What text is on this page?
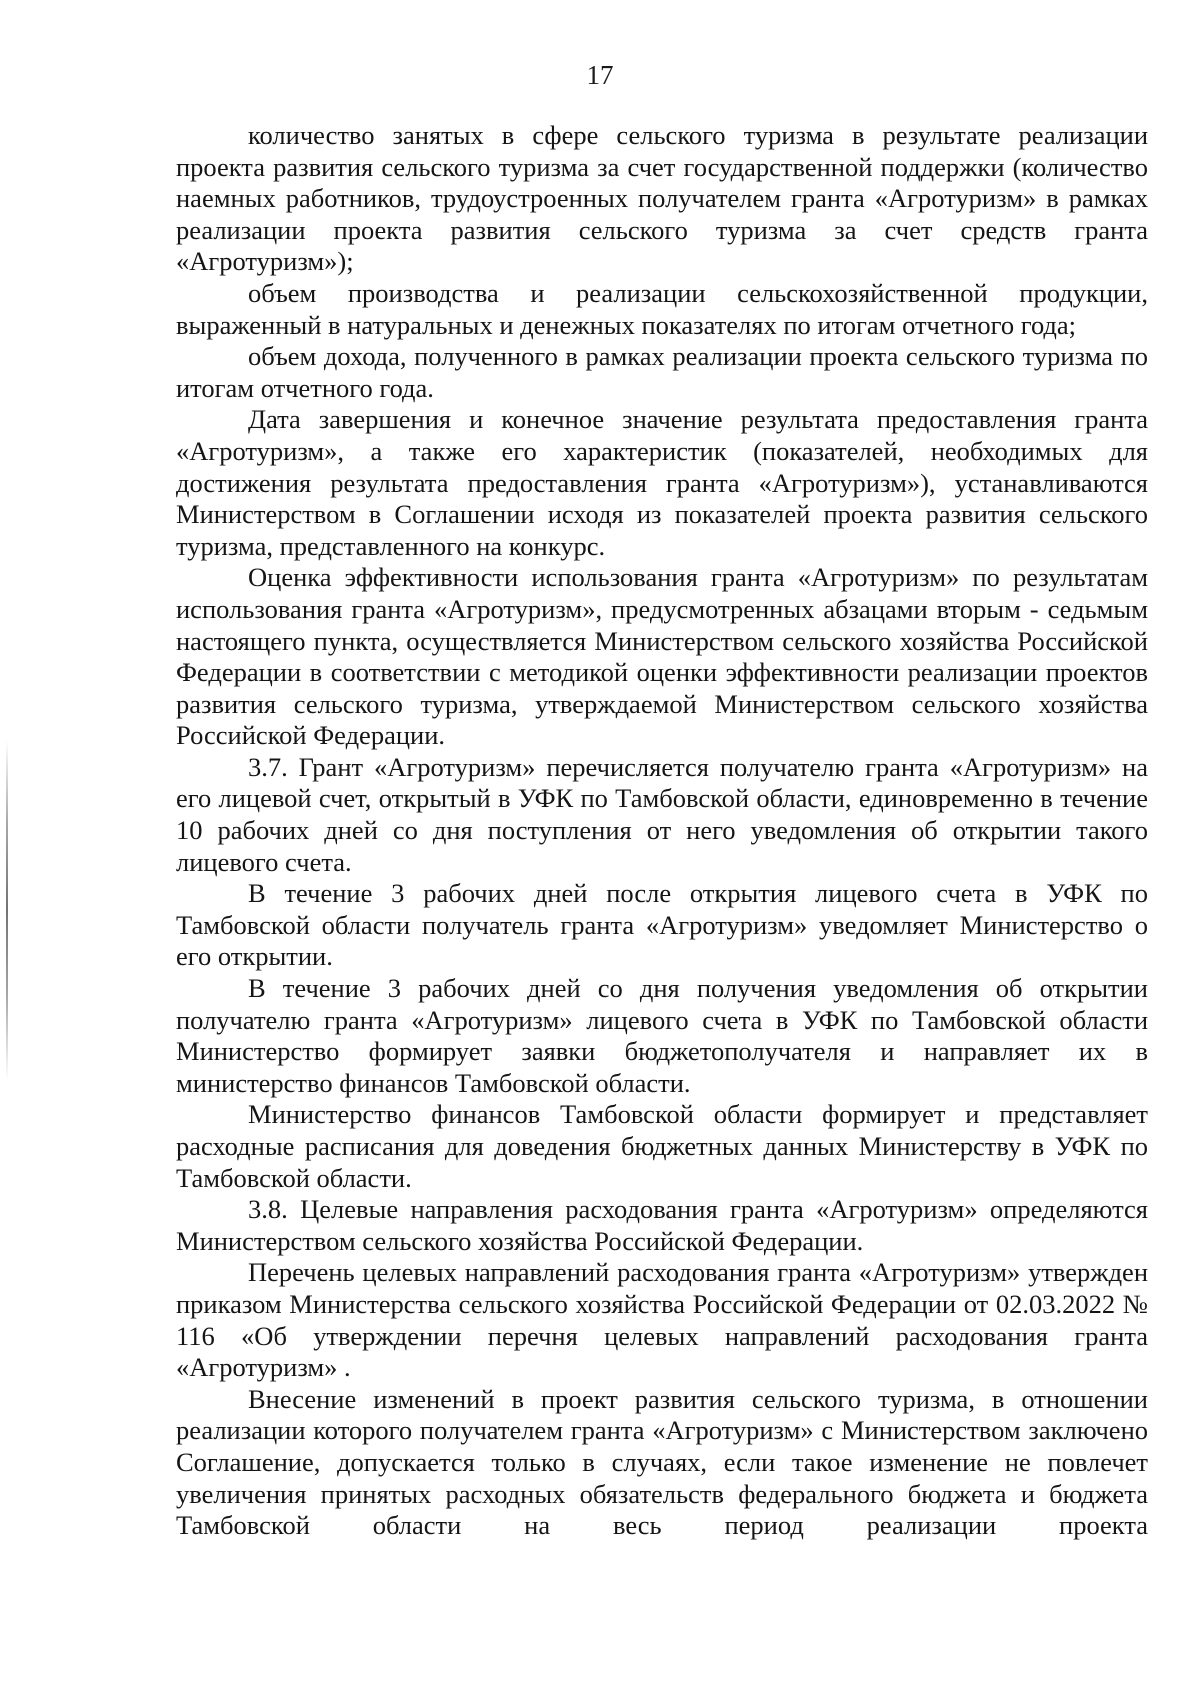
17

количество занятых в сфере сельского туризма в результате реализации проекта развития сельского туризма за счет государственной поддержки (количество наемных работников, трудоустроенных получателем гранта «Агротуризм» в рамках реализации проекта развития сельского туризма за счет средств гранта «Агротуризм»);

объем производства и реализации сельскохозяйственной продукции, выраженный в натуральных и денежных показателях по итогам отчетного года;

объем дохода, полученного в рамках реализации проекта сельского туризма по итогам отчетного года.

Дата завершения и конечное значение результата предоставления гранта «Агротуризм», а также его характеристик (показателей, необходимых для достижения результата предоставления гранта «Агротуризм»), устанавливаются Министерством в Соглашении исходя из показателей проекта развития сельского туризма, представленного на конкурс.

Оценка эффективности использования гранта «Агротуризм» по результатам использования гранта «Агротуризм», предусмотренных абзацами вторым - седьмым настоящего пункта, осуществляется Министерством сельского хозяйства Российской Федерации в соответствии с методикой оценки эффективности реализации проектов развития сельского туризма, утверждаемой Министерством сельского хозяйства Российской Федерации.

3.7. Грант «Агротуризм» перечисляется получателю гранта «Агротуризм» на его лицевой счет, открытый в УФК по Тамбовской области, единовременно в течение 10 рабочих дней со дня поступления от него уведомления об открытии такого лицевого счета.

В течение 3 рабочих дней после открытия лицевого счета в УФК по Тамбовской области получатель гранта «Агротуризм» уведомляет Министерство о его открытии.

В течение 3 рабочих дней со дня получения уведомления об открытии получателю гранта «Агротуризм» лицевого счета в УФК по Тамбовской области Министерство формирует заявки бюджетополучателя и направляет их в министерство финансов Тамбовской области.

Министерство финансов Тамбовской области формирует и представляет расходные расписания для доведения бюджетных данных Министерству в УФК по Тамбовской области.

3.8. Целевые направления расходования гранта «Агротуризм» определяются Министерством сельского хозяйства Российской Федерации.

Перечень целевых направлений расходования гранта «Агротуризм» утвержден приказом Министерства сельского хозяйства Российской Федерации от 02.03.2022 № 116 «Об утверждении перечня целевых направлений расходования гранта «Агротуризм» .

Внесение изменений в проект развития сельского туризма, в отношении реализации которого получателем гранта «Агротуризм» с Министерством заключено Соглашение, допускается только в случаях, если такое изменение не повлечет увеличения принятых расходных обязательств федерального бюджета и бюджета Тамбовской области на весь период реализации проекта
